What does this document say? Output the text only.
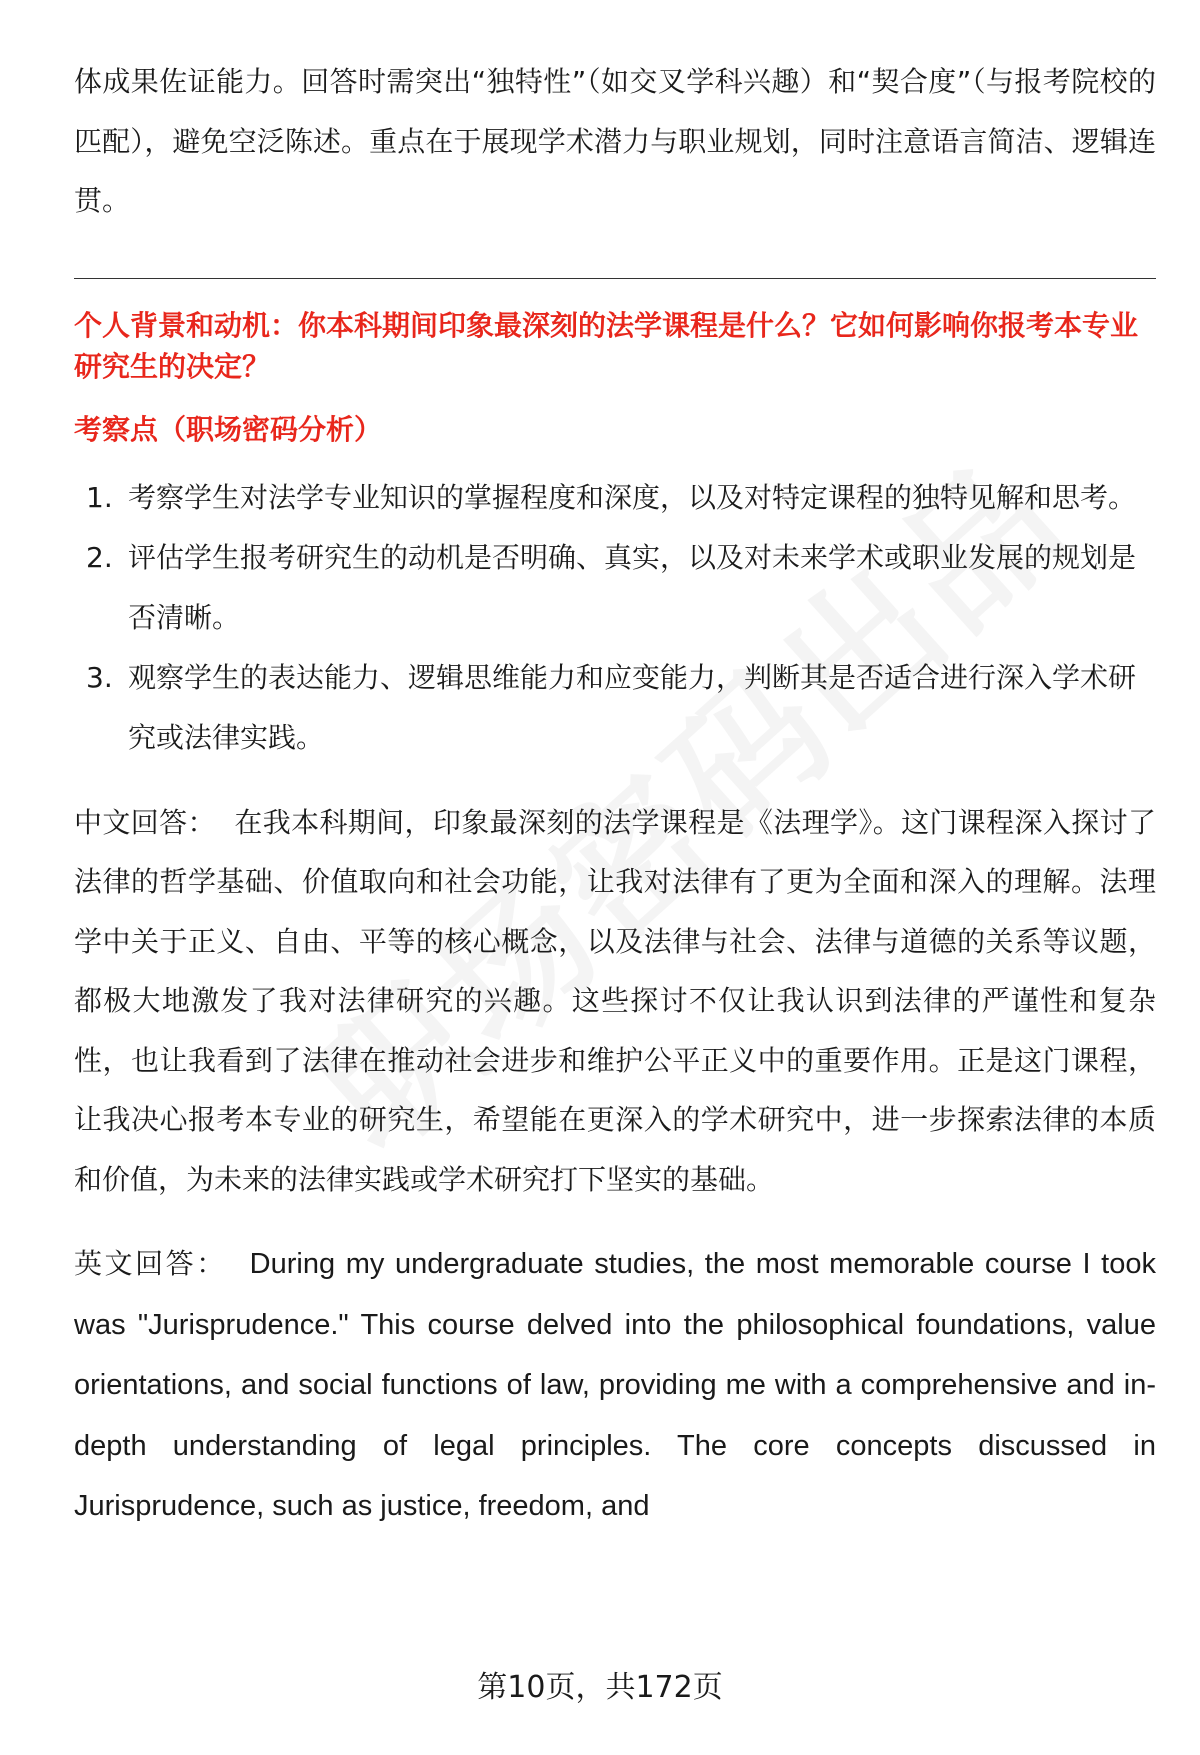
体成果佐证能力。回答时需突出“独特性”（如交叉学科兴趣）和“契合度”（与报考院校的匹配），避免空泛陈述。重点在于展现学术潜力与职业规划，同时注意语言简洁、逻辑连贯。

个人背景和动机：你本科期间印象最深刻的法学课程是什么？它如何影响你报考本专业研究生的决定？

考察点（职场密码分析）

1. 考察学生对法学专业知识的掌握程度和深度，以及对特定课程的独特见解和思考。
2. 评估学生报考研究生的动机是否明确、真实，以及对未来学术或职业发展的规划是否清晰。
3. 观察学生的表达能力、逻辑思维能力和应变能力，判断其是否适合进行深入学术研究或法律实践。

中文回答： 在我本科期间，印象最深刻的法学课程是《法理学》。这门课程深入探讨了法律的哲学基础、价值取向和社会功能，让我对法律有了更为全面和深入的理解。法理学中关于正义、自由、平等的核心概念，以及法律与社会、法律与道德的关系等议题，都极大地激发了我对法律研究的兴趣。这些探讨不仅让我认识到法律的严谨性和复杂性，也让我看到了法律在推动社会进步和维护公平正义中的重要作用。正是这门课程，让我决心报考本专业的研究生，希望能在更深入的学术研究中，进一步探索法律的本质和价值，为未来的法律实践或学术研究打下坚实的基础。

英文回答： During my undergraduate studies, the most memorable course I took was "Jurisprudence." This course delved into the philosophical foundations, value orientations, and social functions of law, providing me with a comprehensive and in-depth understanding of legal principles. The core concepts discussed in Jurisprudence, such as justice, freedom, and

第10页，共172页
